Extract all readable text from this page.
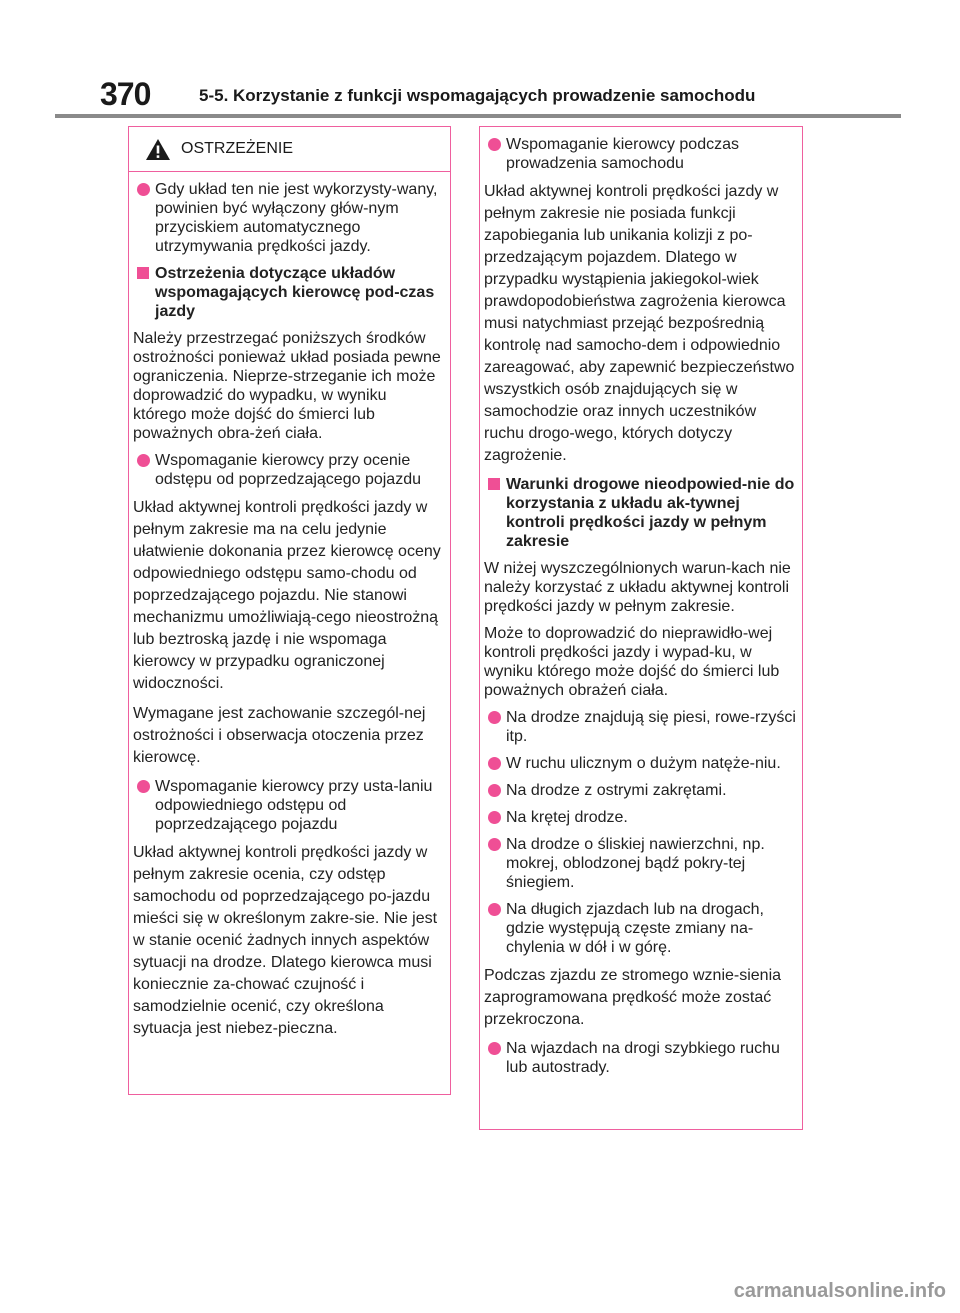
370	5-5. Korzystanie z funkcji wspomagających prowadzenie samochodu
OSTRZEŻENIE
Gdy układ ten nie jest wykorzysty-wany, powinien być wyłączony głów-nym przyciskiem automatycznego utrzymywania prędkości jazdy.
Ostrzeżenia dotyczące układów wspomagających kierowcę pod-czas jazdy
Należy przestrzegać poniższych środków ostrożności ponieważ układ posiada pewne ograniczenia. Nieprze-strzeganie ich może doprowadzić do wypadku, w wyniku którego może dojść do śmierci lub poważnych obra-żeń ciała.
Wspomaganie kierowcy przy ocenie odstępu od poprzedzającego pojazdu
Układ aktywnej kontroli prędkości jazdy w pełnym zakresie ma na celu jedynie ułatwienie dokonania przez kierowcę oceny odpowiedniego odstępu samo-chodu od poprzedzającego pojazdu. Nie stanowi mechanizmu umożliwiają-cego nieostrożną lub beztroską jazdę i nie wspomaga kierowcy w przypadku ograniczonej widoczności.
Wymagane jest zachowanie szczegól-nej ostrożności i obserwacja otoczenia przez kierowcę.
Wspomaganie kierowcy przy usta-laniu odpowiedniego odstępu od poprzedzającego pojazdu
Układ aktywnej kontroli prędkości jazdy w pełnym zakresie ocenia, czy odstęp samochodu od poprzedzającego po-jazdu mieści się w określonym zakre-sie. Nie jest w stanie ocenić żadnych innych aspektów sytuacji na drodze. Dlatego kierowca musi koniecznie za-chować czujność i samodzielnie ocenić, czy określona sytuacja jest niebez-pieczna.
Wspomaganie kierowcy podczas prowadzenia samochodu
Układ aktywnej kontroli prędkości jazdy w pełnym zakresie nie posiada funkcji zapobiegania lub unikania kolizji z po-przedzającym pojazdem. Dlatego w przypadku wystąpienia jakiegokol-wiek prawdopodobieństwa zagrożenia kierowca musi natychmiast przejąć bezpośrednią kontrolę nad samocho-dem i odpowiednio zareagować, aby zapewnić bezpieczeństwo wszystkich osób znajdujących się w samochodzie oraz innych uczestników ruchu drogo-wego, których dotyczy zagrożenie.
Warunki drogowe nieodpowied-nie do korzystania z układu ak-tywnej kontroli prędkości jazdy w pełnym zakresie
W niżej wyszczególnionych warun-kach nie należy korzystać z układu aktywnej kontroli prędkości jazdy w pełnym zakresie.
Może to doprowadzić do nieprawidło-wej kontroli prędkości jazdy i wypad-ku, w wyniku którego może dojść do śmierci lub poważnych obrażeń ciała.
Na drodze znajdują się piesi, rowe-rzyści itp.
W ruchu ulicznym o dużym natęże-niu.
Na drodze z ostrymi zakrętami.
Na krętej drodze.
Na drodze o śliskiej nawierzchni, np. mokrej, oblodzonej bądź pokry-tej śniegiem.
Na długich zjazdach lub na drogach, gdzie występują częste zmiany na-chylenia w dół i w górę.
Podczas zjazdu ze stromego wznie-sienia zaprogramowana prędkość może zostać przekroczona.
Na wjazdach na drogi szybkiego ruchu lub autostrady.
carmanualsonline.info
